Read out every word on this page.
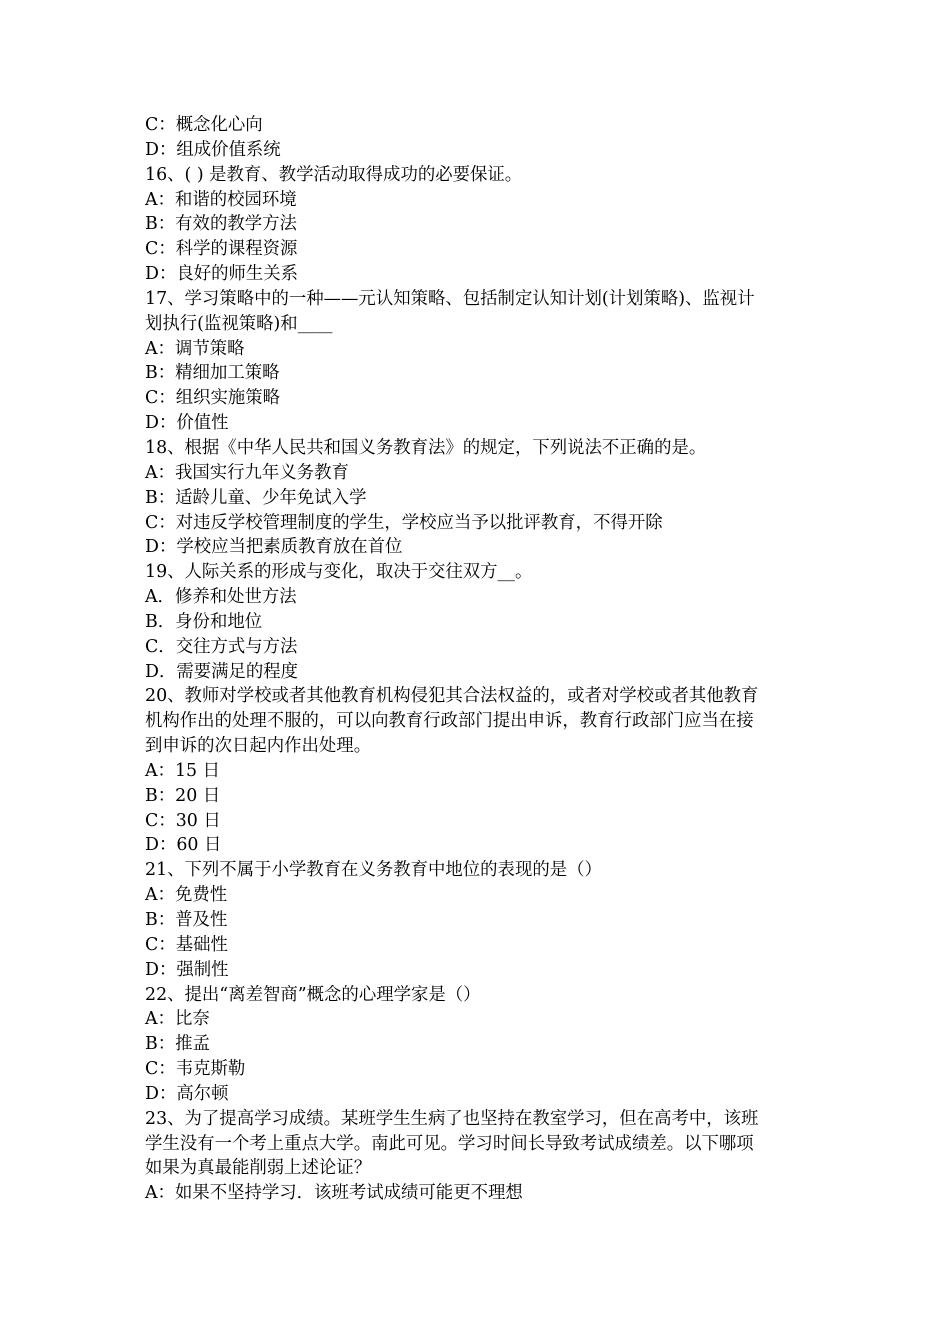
C：概念化心向

D：组成价值系统

16、( ) 是教育、教学活动取得成功的必要保证。

A：和谐的校园环境

B：有效的教学方法

C：科学的课程资源

D：良好的师生关系

17、学习策略中的一种——元认知策略、包括制定认知计划(计划策略)、监视计

划执行(监视策略)和____

A：调节策略

B：精细加工策略

C：组织实施策略

D：价值性

18、根据《中华人民共和国义务教育法》的规定，下列说法不正确的是。

A：我国实行九年义务教育

B：适龄儿童、少年免试入学

C：对违反学校管理制度的学生，学校应当予以批评教育，不得开除

D：学校应当把素质教育放在首位

19、人际关系的形成与变化，取决于交往双方__。

A．修养和处世方法

B．身份和地位

C．交往方式与方法

D．需要满足的程度

20、教师对学校或者其他教育机构侵犯其合法权益的，或者对学校或者其他教育

机构作出的处理不服的，可以向教育行政部门提出申诉，教育行政部门应当在接

到申诉的次日起内作出处理。

A：15 日

B：20 日

C：30 日

D：60 日

21、下列不属于小学教育在义务教育中地位的表现的是（）

A：免费性

B：普及性

C：基础性

D：强制性

22、提出“离差智商”概念的心理学家是（）

A：比奈

B：推孟

C：韦克斯勒

D：高尔顿

23、为了提高学习成绩。某班学生生病了也坚持在教室学习，但在高考中，该班

学生没有一个考上重点大学。南此可见。学习时间长导致考试成绩差。以下哪项

如果为真最能削弱上述论证？

A：如果不坚持学习．该班考试成绩可能更不理想
